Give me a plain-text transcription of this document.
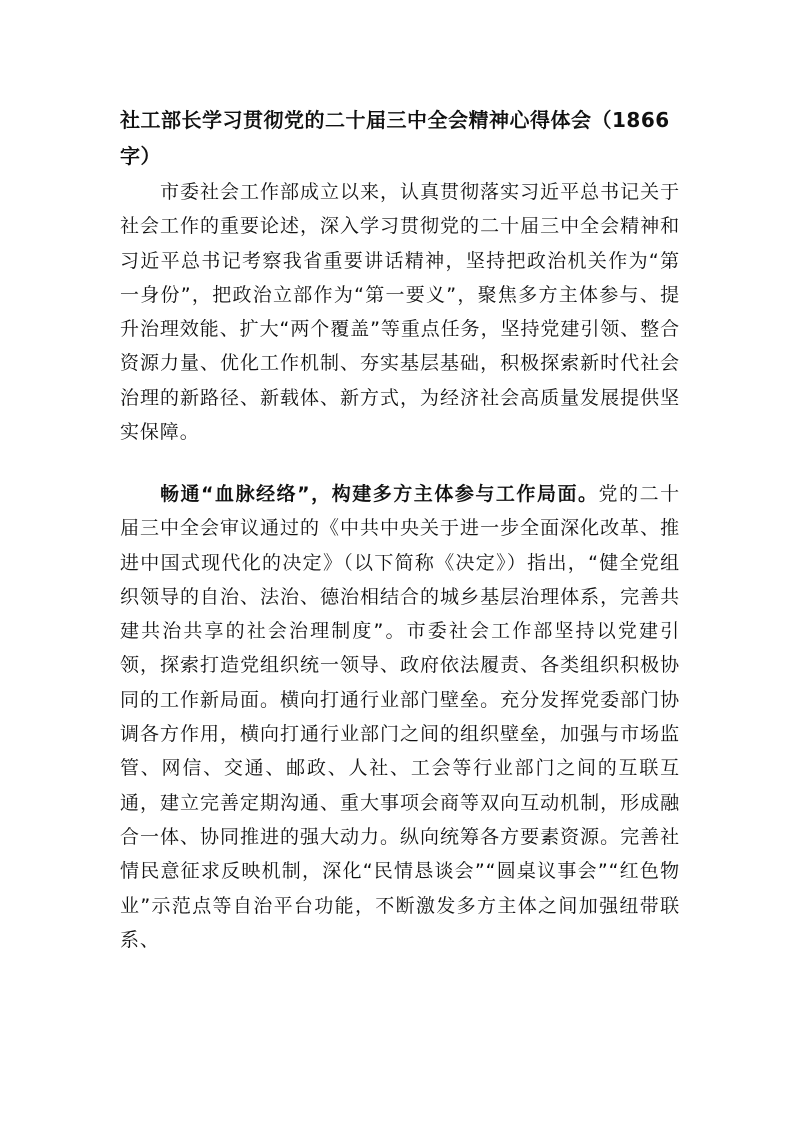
社工部长学习贯彻党的二十届三中全会精神心得体会（1866字）

市委社会工作部成立以来，认真贯彻落实习近平总书记关于社会工作的重要论述，深入学习贯彻党的二十届三中全会精神和习近平总书记考察我省重要讲话精神，坚持把政治机关作为“第一身份”，把政治立部作为“第一要义”，聚焦多方主体参与、提升治理效能、扩大“两个覆盖”等重点任务，坚持党建引领、整合资源力量、优化工作机制、夯实基层基础，积极探索新时代社会治理的新路径、新载体、新方式，为经济社会高质量发展提供坚实保障。

畅通“血脉经络”，构建多方主体参与工作局面。党的二十届三中全会审议通过的《中共中央关于进一步全面深化改革、推进中国式现代化的决定》（以下简称《决定》）指出，“健全党组织领导的自治、法治、德治相结合的城乡基层治理体系，完善共建共治共享的社会治理制度”。市委社会工作部坚持以党建引领，探索打造党组织统一领导、政府依法履责、各类组织积极协同的工作新局面。横向打通行业部门壁垒。充分发挥党委部门协调各方作用，横向打通行业部门之间的组织壁垒，加强与市场监管、网信、交通、邮政、人社、工会等行业部门之间的互联互通，建立完善定期沟通、重大事项会商等双向互动机制，形成融合一体、协同推进的强大动力。纵向统筹各方要素资源。完善社情民意征求反映机制，深化“民情恳谈会”“圆桌议事会”“红色物业”示范点等自治平台功能，不断激发多方主体之间加强纽带联系、
